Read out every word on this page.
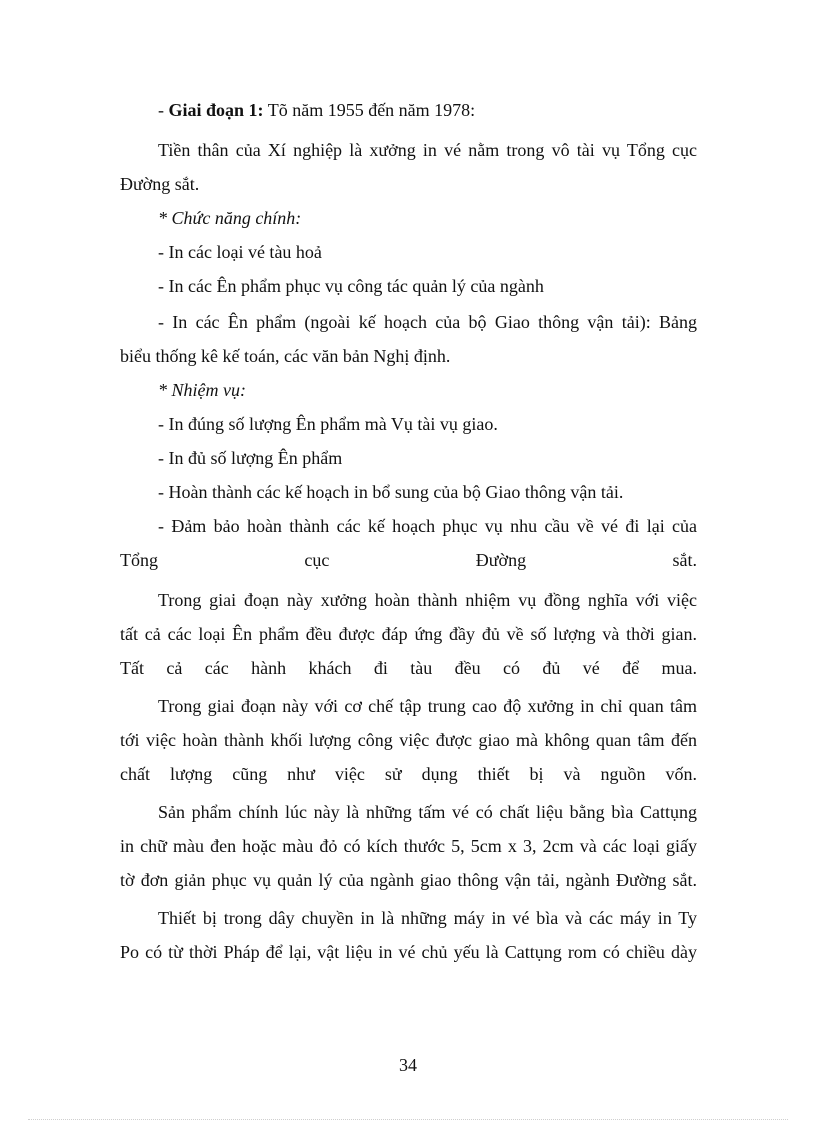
- Giai đoạn 1: Tõ năm 1955 đến năm 1978:
Tiền thân của Xí nghiệp là xưởng in vé nằm trong vô tài vụ Tổng cục
Đường sắt.
* Chức năng chính:
- In các loại vé tàu hoả
- In các Ên phẩm phục vụ công tác quản lý của ngành
- In các Ên phẩm (ngoài kế hoạch của bộ Giao thông vận tải): Bảng
biểu thống kê kế toán, các văn bản Nghị định.
* Nhiệm vụ:
- In đúng số lượng Ên phẩm mà Vụ tài vụ giao.
- In đủ số lượng Ên phẩm
- Hoàn thành các kế hoạch in bổ sung của bộ Giao thông vận tải.
- Đảm bảo hoàn thành các kế hoạch phục vụ nhu cầu về vé đi lại của
Tổng cục Đường sắt.
Trong giai đoạn này xưởng hoàn thành nhiệm vụ đồng nghĩa với việc
tất cả các loại Ên phẩm đều được đáp ứng đầy đủ về số lượng và thời gian.
Tất cả các hành khách đi tàu đều có đủ vé để mua.
Trong giai đoạn này với cơ chế tập trung cao độ xưởng in chỉ quan tâm
tới việc hoàn thành khối lượng công việc được giao mà không quan tâm đến
chất lượng cũng như việc sử dụng thiết bị và nguồn vốn.
Sản phẩm chính lúc này là những tấm vé có chất liệu bằng bìa Cattụng
in chữ màu đen hoặc màu đỏ có kích thước 5, 5cm x 3, 2cm và các loại giấy
tờ đơn giản phục vụ quản lý của ngành giao thông vận tải, ngành Đường sắt.
Thiết bị trong dây chuyền in là những máy in vé bìa và các máy in Ty
Po có từ thời Pháp để lại, vật liệu in vé chủ yếu là Cattụng rom có chiều dày
34
